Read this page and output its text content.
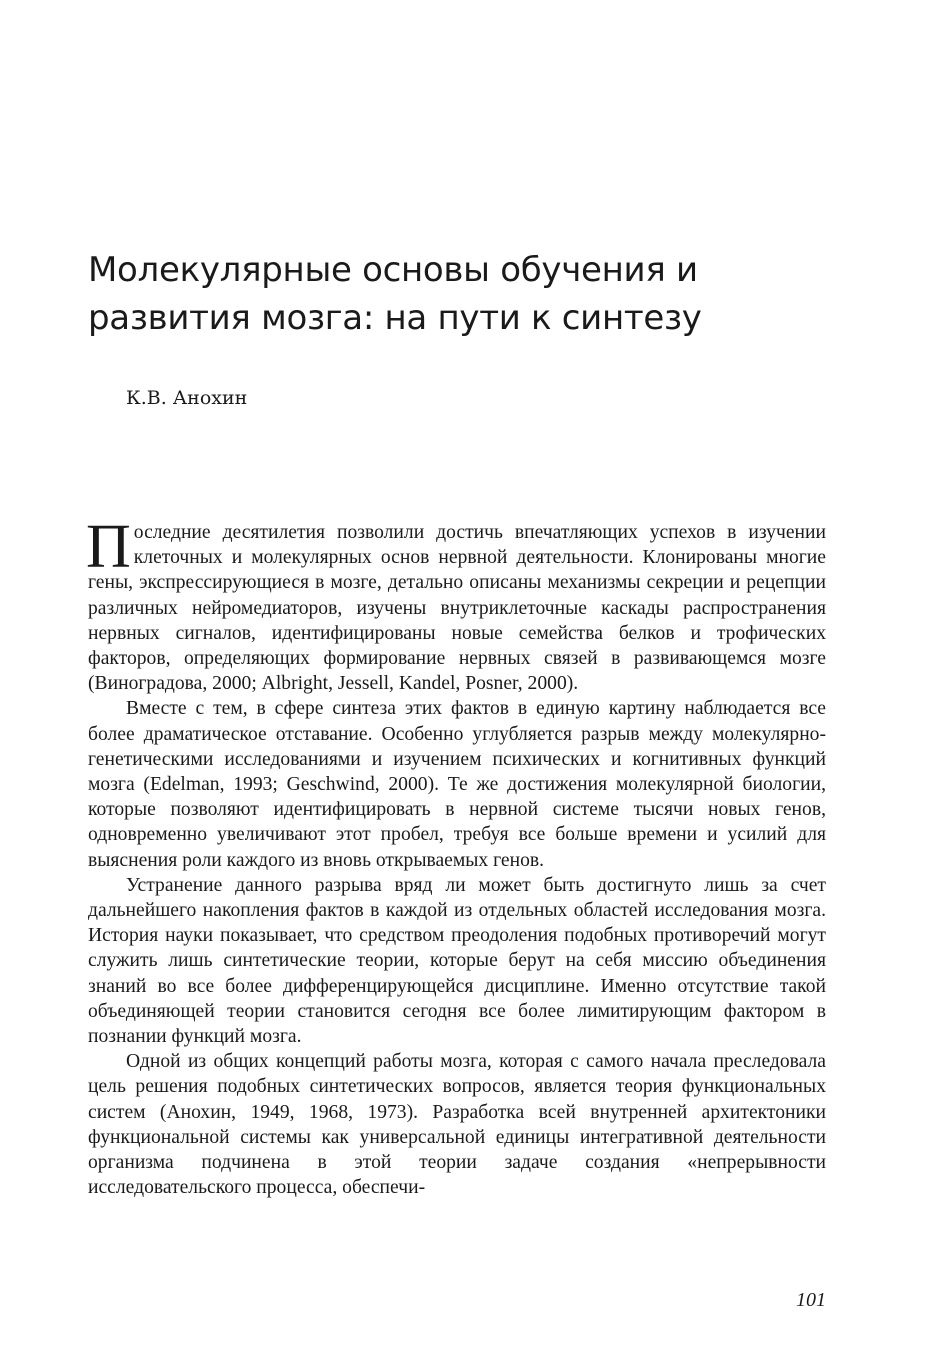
Молекулярные основы обучения и развития мозга: на пути к синтезу

К.В. Анохин

Последние десятилетия позволили достичь впечатляющих успехов в изучении клеточных и молекулярных основ нервной деятельности. Клонированы многие гены, экспрессирующиеся в мозге, детально описаны механизмы секреции и рецепции различных нейромедиаторов, изучены внутриклеточные каскады распространения нервных сигналов, идентифицированы новые семейства белков и трофических факторов, определяющих формирование нервных связей в развивающемся мозге (Виноградова, 2000; Albright, Jessell, Kandel, Posner, 2000).

Вместе с тем, в сфере синтеза этих фактов в единую картину наблюдается все более драматическое отставание. Особенно углубляется разрыв между молекулярно-генетическими исследованиями и изучением психических и когнитивных функций мозга (Edelman, 1993; Geschwind, 2000). Те же достижения молекулярной биологии, которые позволяют идентифицировать в нервной системе тысячи новых генов, одновременно увеличивают этот пробел, требуя все больше времени и усилий для выяснения роли каждого из вновь открываемых генов.

Устранение данного разрыва вряд ли может быть достигнуто лишь за счет дальнейшего накопления фактов в каждой из отдельных областей исследования мозга. История науки показывает, что средством преодоления подобных противоречий могут служить лишь синтетические теории, которые берут на себя миссию объединения знаний во все более дифференцирующейся дисциплине. Именно отсутствие такой объединяющей теории становится сегодня все более лимитирующим фактором в познании функций мозга.

Одной из общих концепций работы мозга, которая с самого начала преследовала цель решения подобных синтетических вопросов, является теория функциональных систем (Анохин, 1949, 1968, 1973). Разработка всей внутренней архитектоники функциональной системы как универсальной единицы интегративной деятельности организма подчинена в этой теории задаче создания «непрерывности исследовательского процесса, обеспечи-

101
